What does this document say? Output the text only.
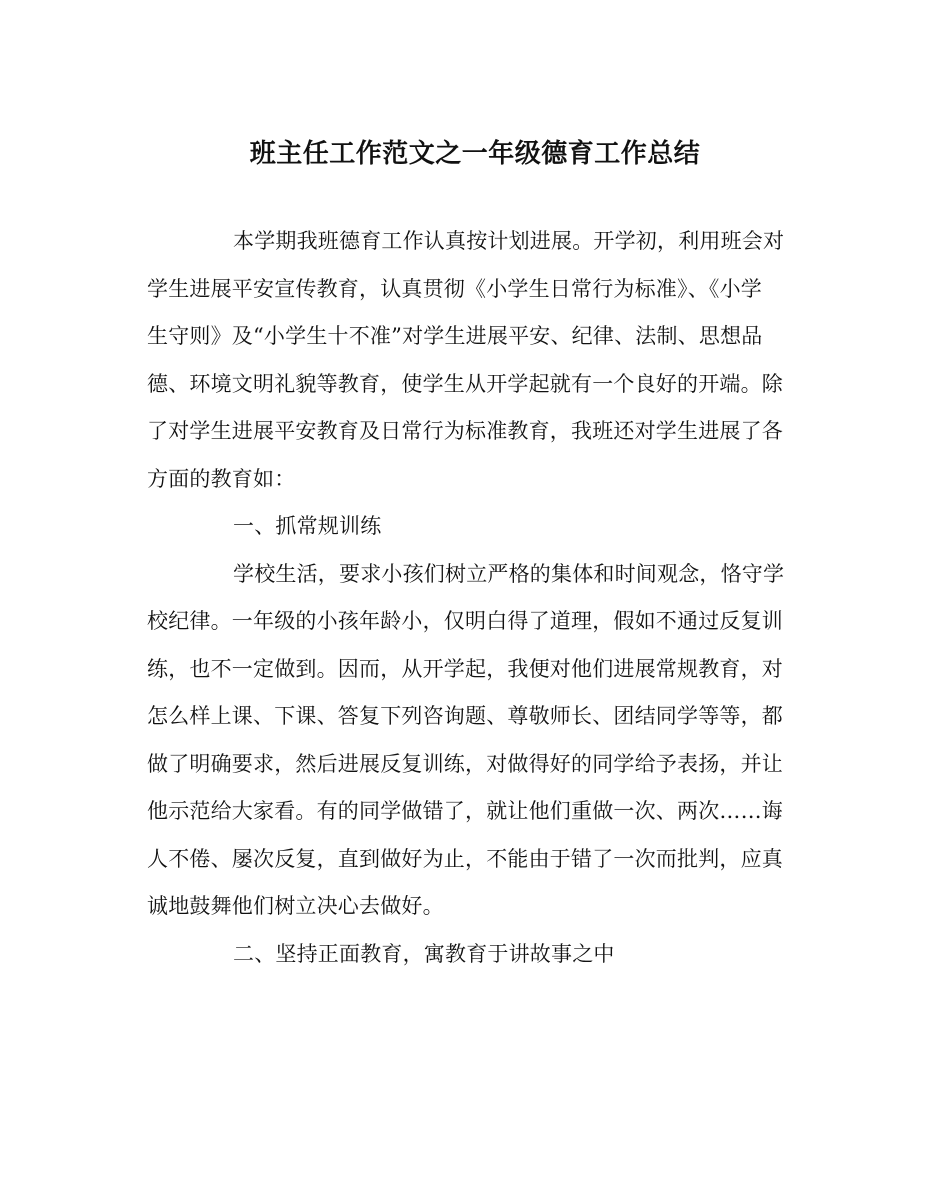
班主任工作范文之一年级德育工作总结
本学期我班德育工作认真按计划进展。开学初，利用班会对
学生进展平安宣传教育，认真贯彻《小学生日常行为标准》、《小学
生守则》及“小学生十不准”对学生进展平安、纪律、法制、思想品
德、环境文明礼貌等教育，使学生从开学起就有一个良好的开端。除
了对学生进展平安教育及日常行为标准教育，我班还对学生进展了各
方面的教育如：
一、抓常规训练
学校生活，要求小孩们树立严格的集体和时间观念，恪守学
校纪律。一年级的小孩年龄小，仅明白得了道理，假如不通过反复训
练，也不一定做到。因而，从开学起，我便对他们进展常规教育，对
怎么样上课、下课、答复下列咨询题、尊敬师长、团结同学等等，都
做了明确要求，然后进展反复训练，对做得好的同学给予表扬，并让
他示范给大家看。有的同学做错了，就让他们重做一次、两次……诲
人不倦、屡次反复，直到做好为止，不能由于错了一次而批判，应真
诚地鼓舞他们树立决心去做好。
二、坚持正面教育，寓教育于讲故事之中
